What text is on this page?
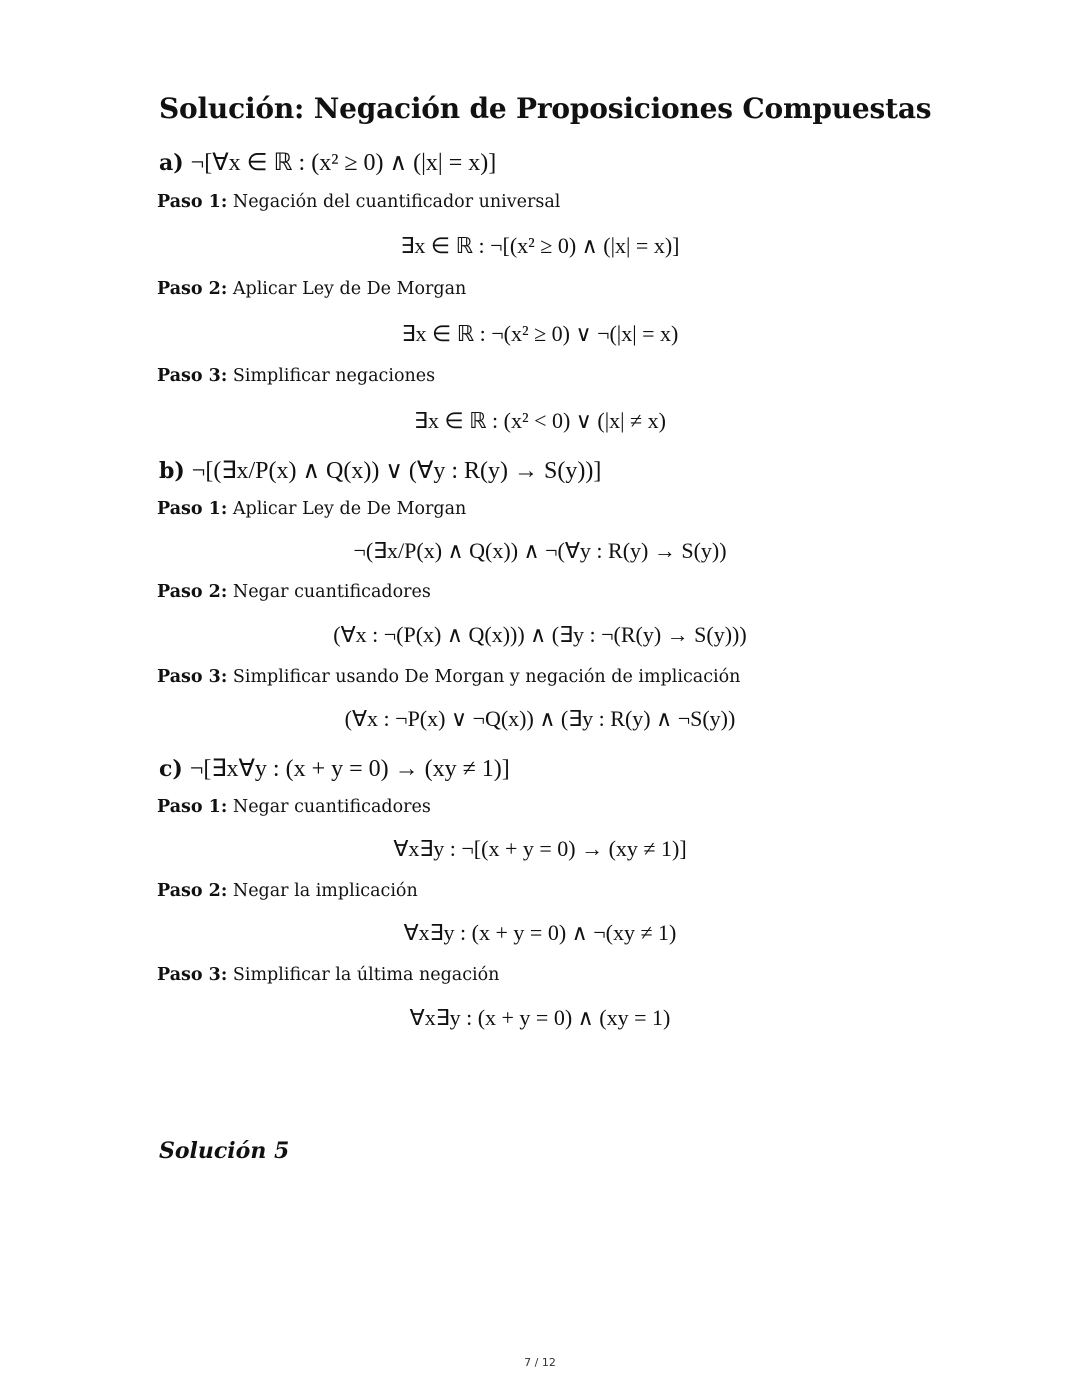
Solución: Negación de Proposiciones Compuestas
a) ¬[∀x ∈ ℝ : (x² ≥ 0) ∧ (|x| = x)]
Paso 1: Negación del cuantificador universal
∃x ∈ ℝ : ¬[(x² ≥ 0) ∧ (|x| = x)]
Paso 2: Aplicar Ley de De Morgan
∃x ∈ ℝ : ¬(x² ≥ 0) ∨ ¬(|x| = x)
Paso 3: Simplificar negaciones
∃x ∈ ℝ : (x² < 0) ∨ (|x| ≠ x)
b) ¬[(∃x/P(x) ∧ Q(x)) ∨ (∀y : R(y) → S(y))]
Paso 1: Aplicar Ley de De Morgan
¬(∃x/P(x) ∧ Q(x)) ∧ ¬(∀y : R(y) → S(y))
Paso 2: Negar cuantificadores
(∀x : ¬(P(x) ∧ Q(x))) ∧ (∃y : ¬(R(y) → S(y)))
Paso 3: Simplificar usando De Morgan y negación de implicación
(∀x : ¬P(x) ∨ ¬Q(x)) ∧ (∃y : R(y) ∧ ¬S(y))
c) ¬[∃x∀y : (x + y = 0) → (xy ≠ 1)]
Paso 1: Negar cuantificadores
∀x∃y : ¬[(x + y = 0) → (xy ≠ 1)]
Paso 2: Negar la implicación
∀x∃y : (x + y = 0) ∧ ¬(xy ≠ 1)
Paso 3: Simplificar la última negación
∀x∃y : (x + y = 0) ∧ (xy = 1)
Solución 5
7 / 12
